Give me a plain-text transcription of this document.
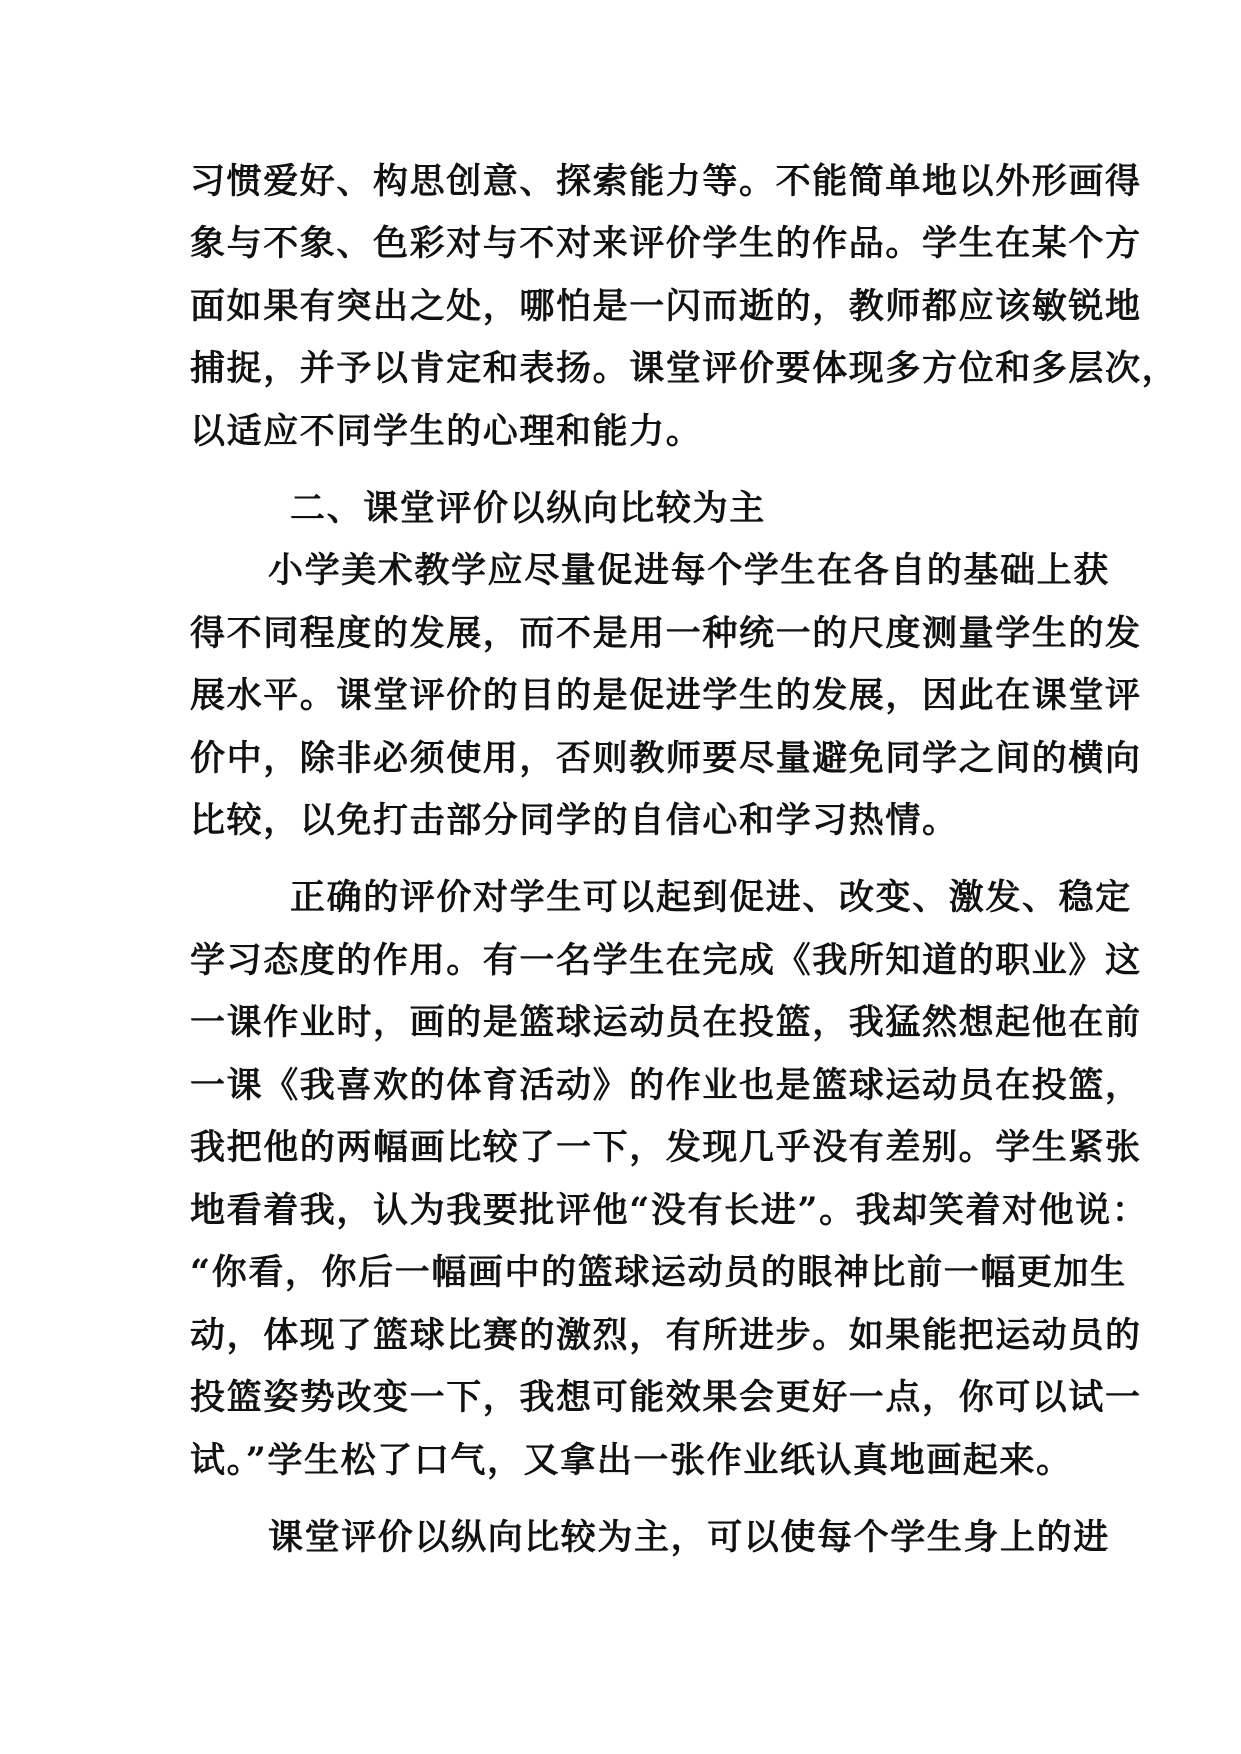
习惯爱好、构思创意、探索能力等。不能简单地以外形画得
象与不象、色彩对与不对来评价学生的作品。学生在某个方
面如果有突出之处，哪怕是一闪而逝的，教师都应该敏锐地
捕捉，并予以肯定和表扬。课堂评价要体现多方位和多层次，
以适应不同学生的心理和能力。
二、课堂评价以纵向比较为主
小学美术教学应尽量促进每个学生在各自的基础上获
得不同程度的发展，而不是用一种统一的尺度测量学生的发
展水平。课堂评价的目的是促进学生的发展，因此在课堂评
价中，除非必须使用，否则教师要尽量避免同学之间的横向
比较，以免打击部分同学的自信心和学习热情。
正确的评价对学生可以起到促进、改变、激发、稳定
学习态度的作用。有一名学生在完成《我所知道的职业》这
一课作业时，画的是篮球运动员在投篮，我猛然想起他在前
一课《我喜欢的体育活动》的作业也是篮球运动员在投篮，
我把他的两幅画比较了一下，发现几乎没有差别。学生紧张
地看着我，认为我要批评他“没有长进”。我却笑着对他说：
“你看，你后一幅画中的篮球运动员的眼神比前一幅更加生
动，体现了篮球比赛的激烈，有所进步。如果能把运动员的
投篮姿势改变一下，我想可能效果会更好一点，你可以试一
试。”学生松了口气，又拿出一张作业纸认真地画起来。
课堂评价以纵向比较为主，可以使每个学生身上的进
